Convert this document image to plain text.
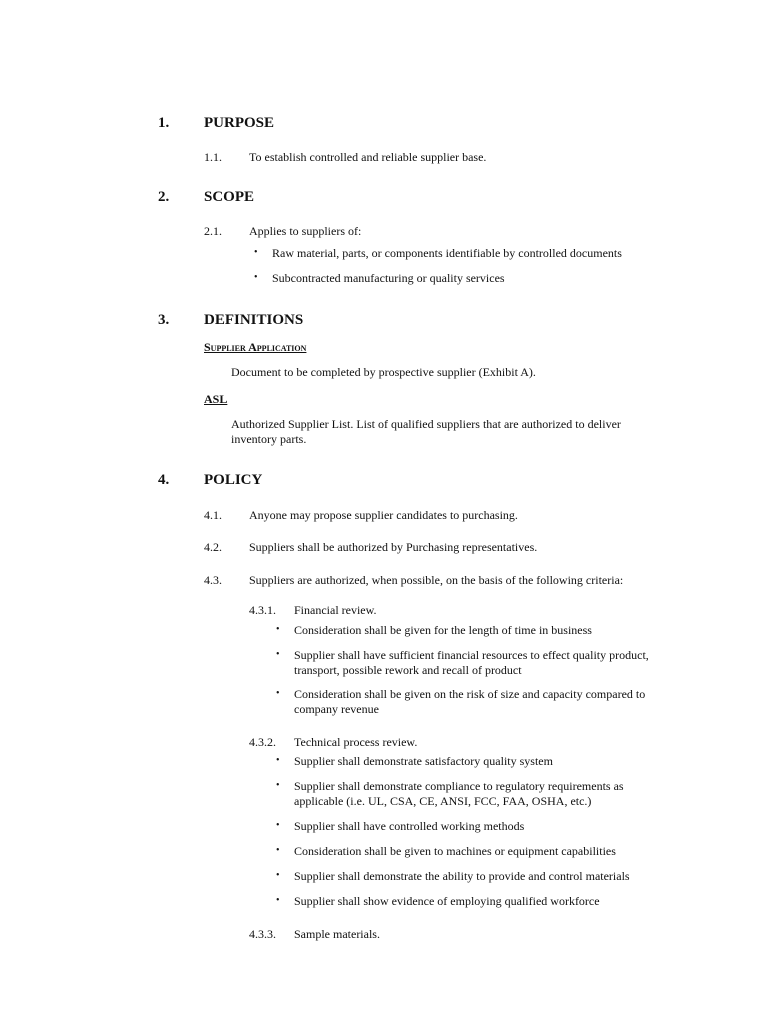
1. PURPOSE
1.1. To establish controlled and reliable supplier base.
2. SCOPE
2.1. Applies to suppliers of:
• Raw material, parts, or components identifiable by controlled documents
• Subcontracted manufacturing or quality services
3. DEFINITIONS
Supplier Application
Document to be completed by prospective supplier (Exhibit A).
ASL
Authorized Supplier List. List of qualified suppliers that are authorized to deliver
inventory parts.
4. POLICY
4.1. Anyone may propose supplier candidates to purchasing.
4.2. Suppliers shall be authorized by Purchasing representatives.
4.3. Suppliers are authorized, when possible, on the basis of the following criteria:
4.3.1. Financial review.
• Consideration shall be given for the length of time in business
• Supplier shall have sufficient financial resources to effect quality product,
transport, possible rework and recall of product
• Consideration shall be given on the risk of size and capacity compared to
company revenue
4.3.2. Technical process review.
• Supplier shall demonstrate satisfactory quality system
• Supplier shall demonstrate compliance to regulatory requirements as
applicable (i.e. UL, CSA, CE, ANSI, FCC, FAA, OSHA, etc.)
• Supplier shall have controlled working methods
• Consideration shall be given to machines or equipment capabilities
• Supplier shall demonstrate the ability to provide and control materials
• Supplier shall show evidence of employing qualified workforce
4.3.3. Sample materials.
